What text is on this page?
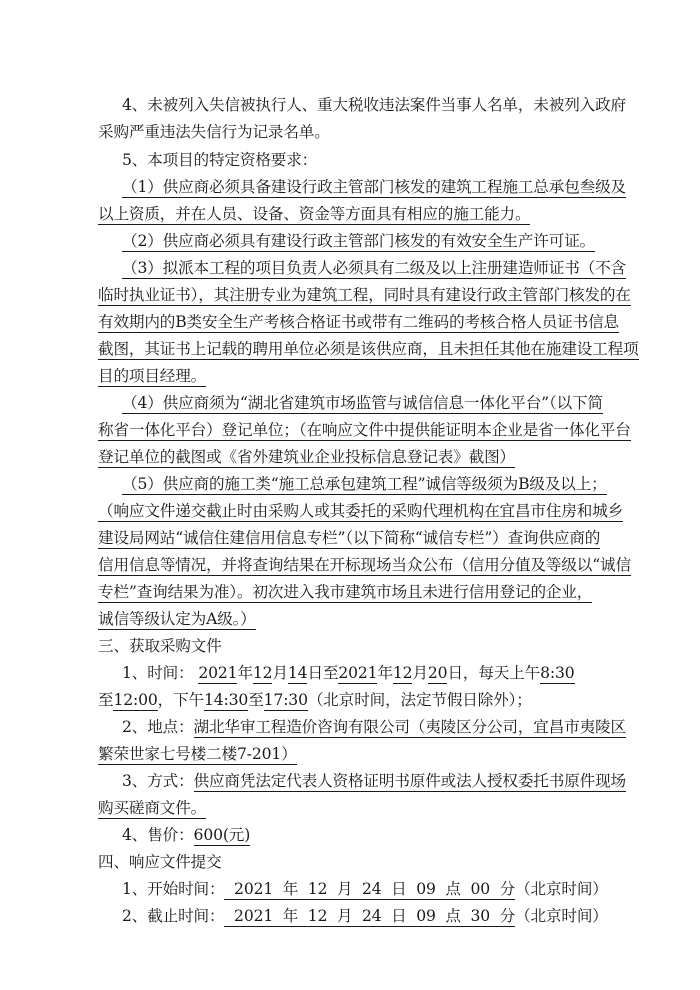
4、未被列入失信被执行人、重大税收违法案件当事人名单，未被列入政府
采购严重违法失信行为记录名单。
5、本项目的特定资格要求：
（1）供应商必须具备建设行政主管部门核发的建筑工程施工总承包叁级及
以上资质，并在人员、设备、资金等方面具有相应的施工能力。
（2）供应商必须具有建设行政主管部门核发的有效安全生产许可证。
（3）拟派本工程的项目负责人必须具有二级及以上注册建造师证书（不含
临时执业证书），其注册专业为建筑工程，同时具有建设行政主管部门核发的在
有效期内的B类安全生产考核合格证书或带有二维码的考核合格人员证书信息
截图，其证书上记载的聘用单位必须是该供应商，且未担任其他在施建设工程项
目的项目经理。
（4）供应商须为“湖北省建筑市场监管与诚信信息一体化平台”（以下简
称省一体化平台）登记单位；（在响应文件中提供能证明本企业是省一体化平台
登记单位的截图或《省外建筑业企业投标信息登记表》截图）
（5）供应商的施工类“施工总承包建筑工程”诚信等级须为B级及以上；
（响应文件递交截止时由采购人或其委托的采购代理机构在宜昌市住房和城乡
建设局网站“诚信住建信用信息专栏”（以下简称“诚信专栏”）查询供应商的
信用信息等情况，并将查询结果在开标现场当众公布（信用分值及等级以“诚信
专栏”查询结果为准）。初次进入我市建筑市场且未进行信用登记的企业，
诚信等级认定为A级。）
三、获取采购文件
1、时间： 2021年12月14日至2021年12月20日，每天上午8:30
至12:00，下午14:30至17:30（北京时间，法定节假日除外）；
2、地点：湖北华审工程造价咨询有限公司（夷陵区分公司，宜昌市夷陵区
繁荣世家七号楼二楼7-201）
3、方式：供应商凭法定代表人资格证明书原件或法人授权委托书原件现场
购买磋商文件。
4、售价：600(元)
四、响应文件提交
1、开始时间：  2021  年  12  月  24  日  09  点  00  分（北京时间）
2、截止时间：  2021  年  12  月  24  日  09  点  30  分（北京时间）
